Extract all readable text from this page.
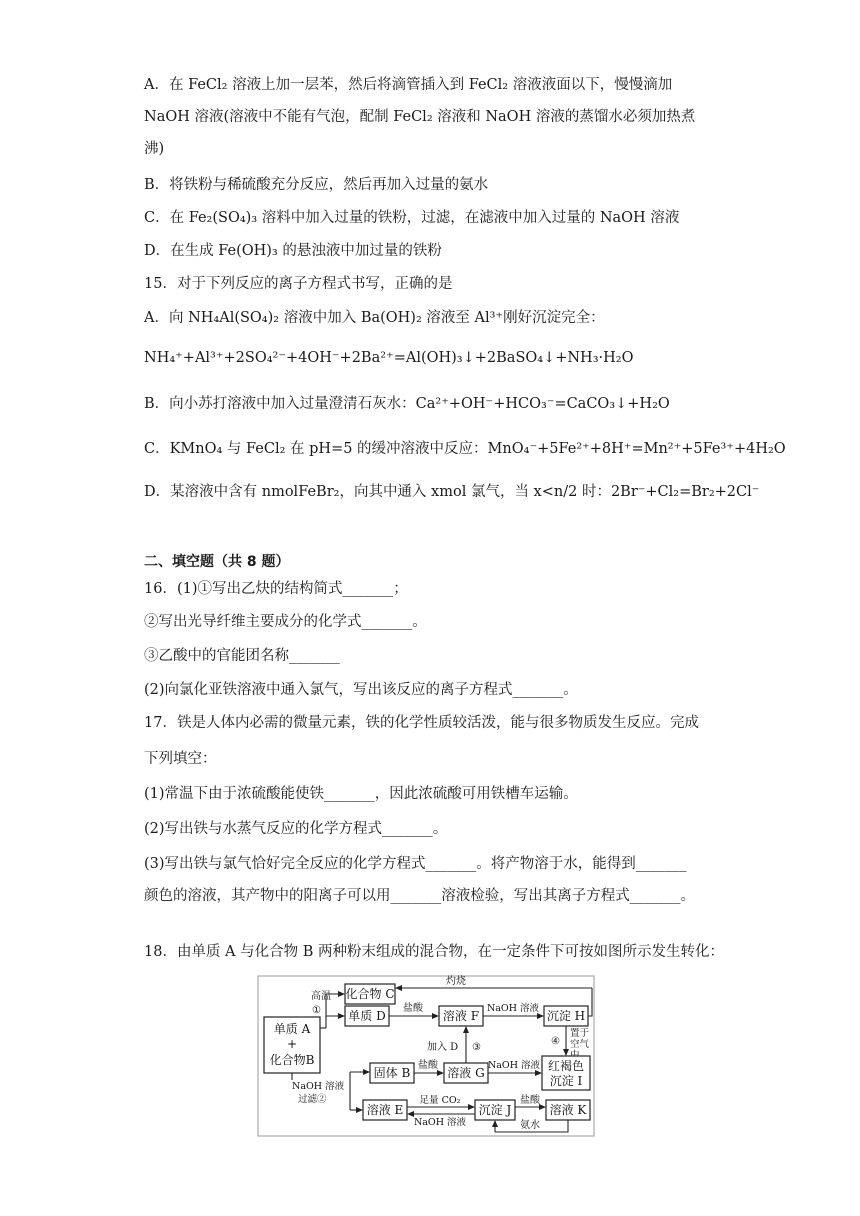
A．在 FeCl₂ 溶液上加一层苯，然后将滴管插入到 FeCl₂ 溶液液面以下，慢慢滴加
NaOH 溶液(溶液中不能有气泡，配制 FeCl₂ 溶液和 NaOH 溶液的蒸馏水必须加热煮
沸)
B．将铁粉与稀硫酸充分反应，然后再加入过量的氨水
C．在 Fe₂(SO₄)₃ 溶料中加入过量的铁粉，过滤，在滤液中加入过量的 NaOH 溶液
D．在生成 Fe(OH)₃ 的悬浊液中加过量的铁粉
15．对于下列反应的离子方程式书写，正确的是
A．向 NH₄Al(SO₄)₂ 溶液中加入 Ba(OH)₂ 溶液至 Al³⁺刚好沉淀完全：
NH₄⁺+Al³⁺+2SO₄²⁻+4OH⁻+2Ba²⁺=Al(OH)₃↓+2BaSO₄↓+NH₃·H₂O
B．向小苏打溶液中加入过量澄清石灰水：Ca²⁺+OH⁻+HCO₃⁻=CaCO₃↓+H₂O
C．KMnO₄ 与 FeCl₂ 在 pH=5 的缓冲溶液中反应：MnO₄⁻+5Fe²⁺+8H⁺=Mn²⁺+5Fe³⁺+4H₂O
D．某溶液中含有 nmolFeBr₂，向其中通入 xmol 氯气，当 x<n/2 时：2Br⁻+Cl₂=Br₂+2Cl⁻
二、填空题（共 8 题）
16．(1)①写出乙炔的结构简式_______；
②写出光导纤维主要成分的化学式_______。
③乙酸中的官能团名称_______
(2)向氯化亚铁溶液中通入氯气，写出该反应的离子方程式_______。
17．铁是人体内必需的微量元素，铁的化学性质较活泼，能与很多物质发生反应。完成
下列填空：
(1)常温下由于浓硫酸能使铁_______，因此浓硫酸可用铁槽车运输。
(2)写出铁与水蒸气反应的化学方程式_______。
(3)写出铁与氯气恰好完全反应的化学方程式_______。将产物溶于水，能得到_______
颜色的溶液，其产物中的阳离子可以用_______溶液检验，写出其离子方程式_______。
18．由单质 A 与化合物 B 两种粉末组成的混合物，在一定条件下可按如图所示发生转化：
单质 A
+
化合物B
高温
①
化合物 C
单质 D
盐酸
溶液 F
NaOH 溶液
沉淀 H
灼烧
置于
空气
④
红褐色
沉淀 I
NaOH 溶液
过滤②
固体 B
盐酸
溶液 G
加入 D ③
NaOH 溶液
溶液 E
足量 CO₂
NaOH 溶液
沉淀 J
盐酸
溶液 K
氨水
